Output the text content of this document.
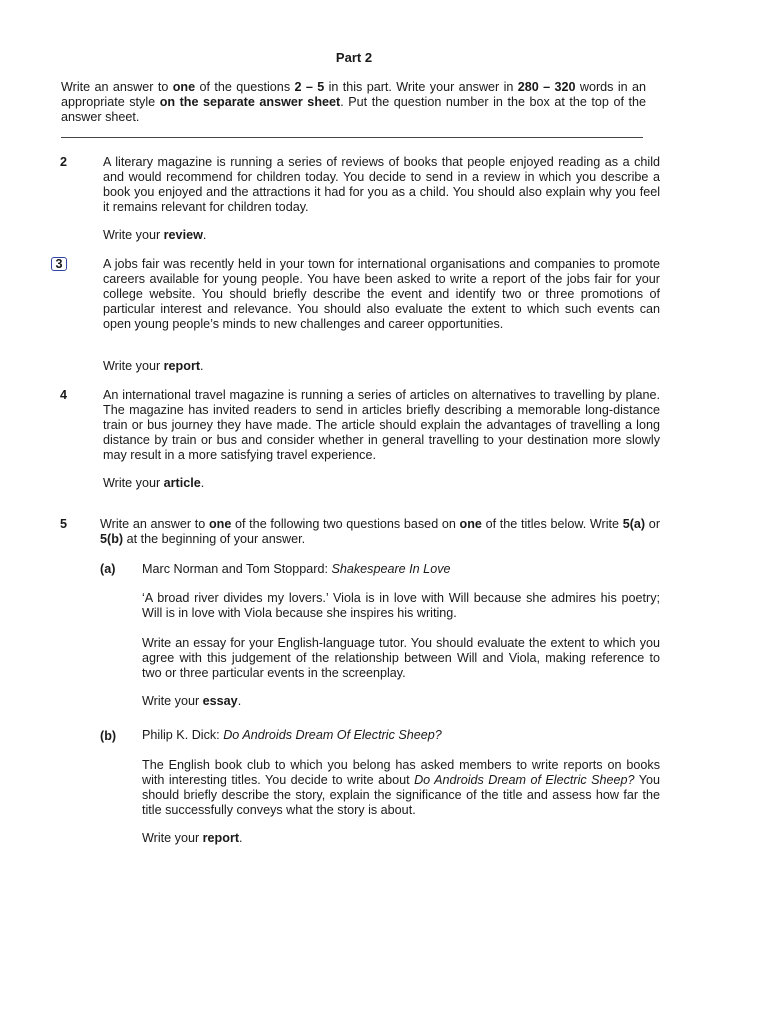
Part 2
Write an answer to one of the questions 2 – 5 in this part. Write your answer in 280 – 320 words in an appropriate style on the separate answer sheet. Put the question number in the box at the top of the answer sheet.
2	A literary magazine is running a series of reviews of books that people enjoyed reading as a child and would recommend for children today. You decide to send in a review in which you describe a book you enjoyed and the attractions it had for you as a child. You should also explain why you feel it remains relevant for children today.

Write your review.
3	A jobs fair was recently held in your town for international organisations and companies to promote careers available for young people. You have been asked to write a report of the jobs fair for your college website. You should briefly describe the event and identify two or three promotions of particular interest and relevance. You should also evaluate the extent to which such events can open young people’s minds to new challenges and career opportunities.

Write your report.
4	An international travel magazine is running a series of articles on alternatives to travelling by plane. The magazine has invited readers to send in articles briefly describing a memorable long-distance train or bus journey they have made. The article should explain the advantages of travelling a long distance by train or bus and consider whether in general travelling to your destination more slowly may result in a more satisfying travel experience.

Write your article.
5	Write an answer to one of the following two questions based on one of the titles below. Write 5(a) or 5(b) at the beginning of your answer.
(a) Marc Norman and Tom Stoppard: Shakespeare In Love
‘A broad river divides my lovers.’ Viola is in love with Will because she admires his poetry; Will is in love with Viola because she inspires his writing.
Write an essay for your English-language tutor. You should evaluate the extent to which you agree with this judgement of the relationship between Will and Viola, making reference to two or three particular events in the screenplay.
Write your essay.
(b) Philip K. Dick: Do Androids Dream Of Electric Sheep?
The English book club to which you belong has asked members to write reports on books with interesting titles. You decide to write about Do Androids Dream of Electric Sheep? You should briefly describe the story, explain the significance of the title and assess how far the title successfully conveys what the story is about.
Write your report.
